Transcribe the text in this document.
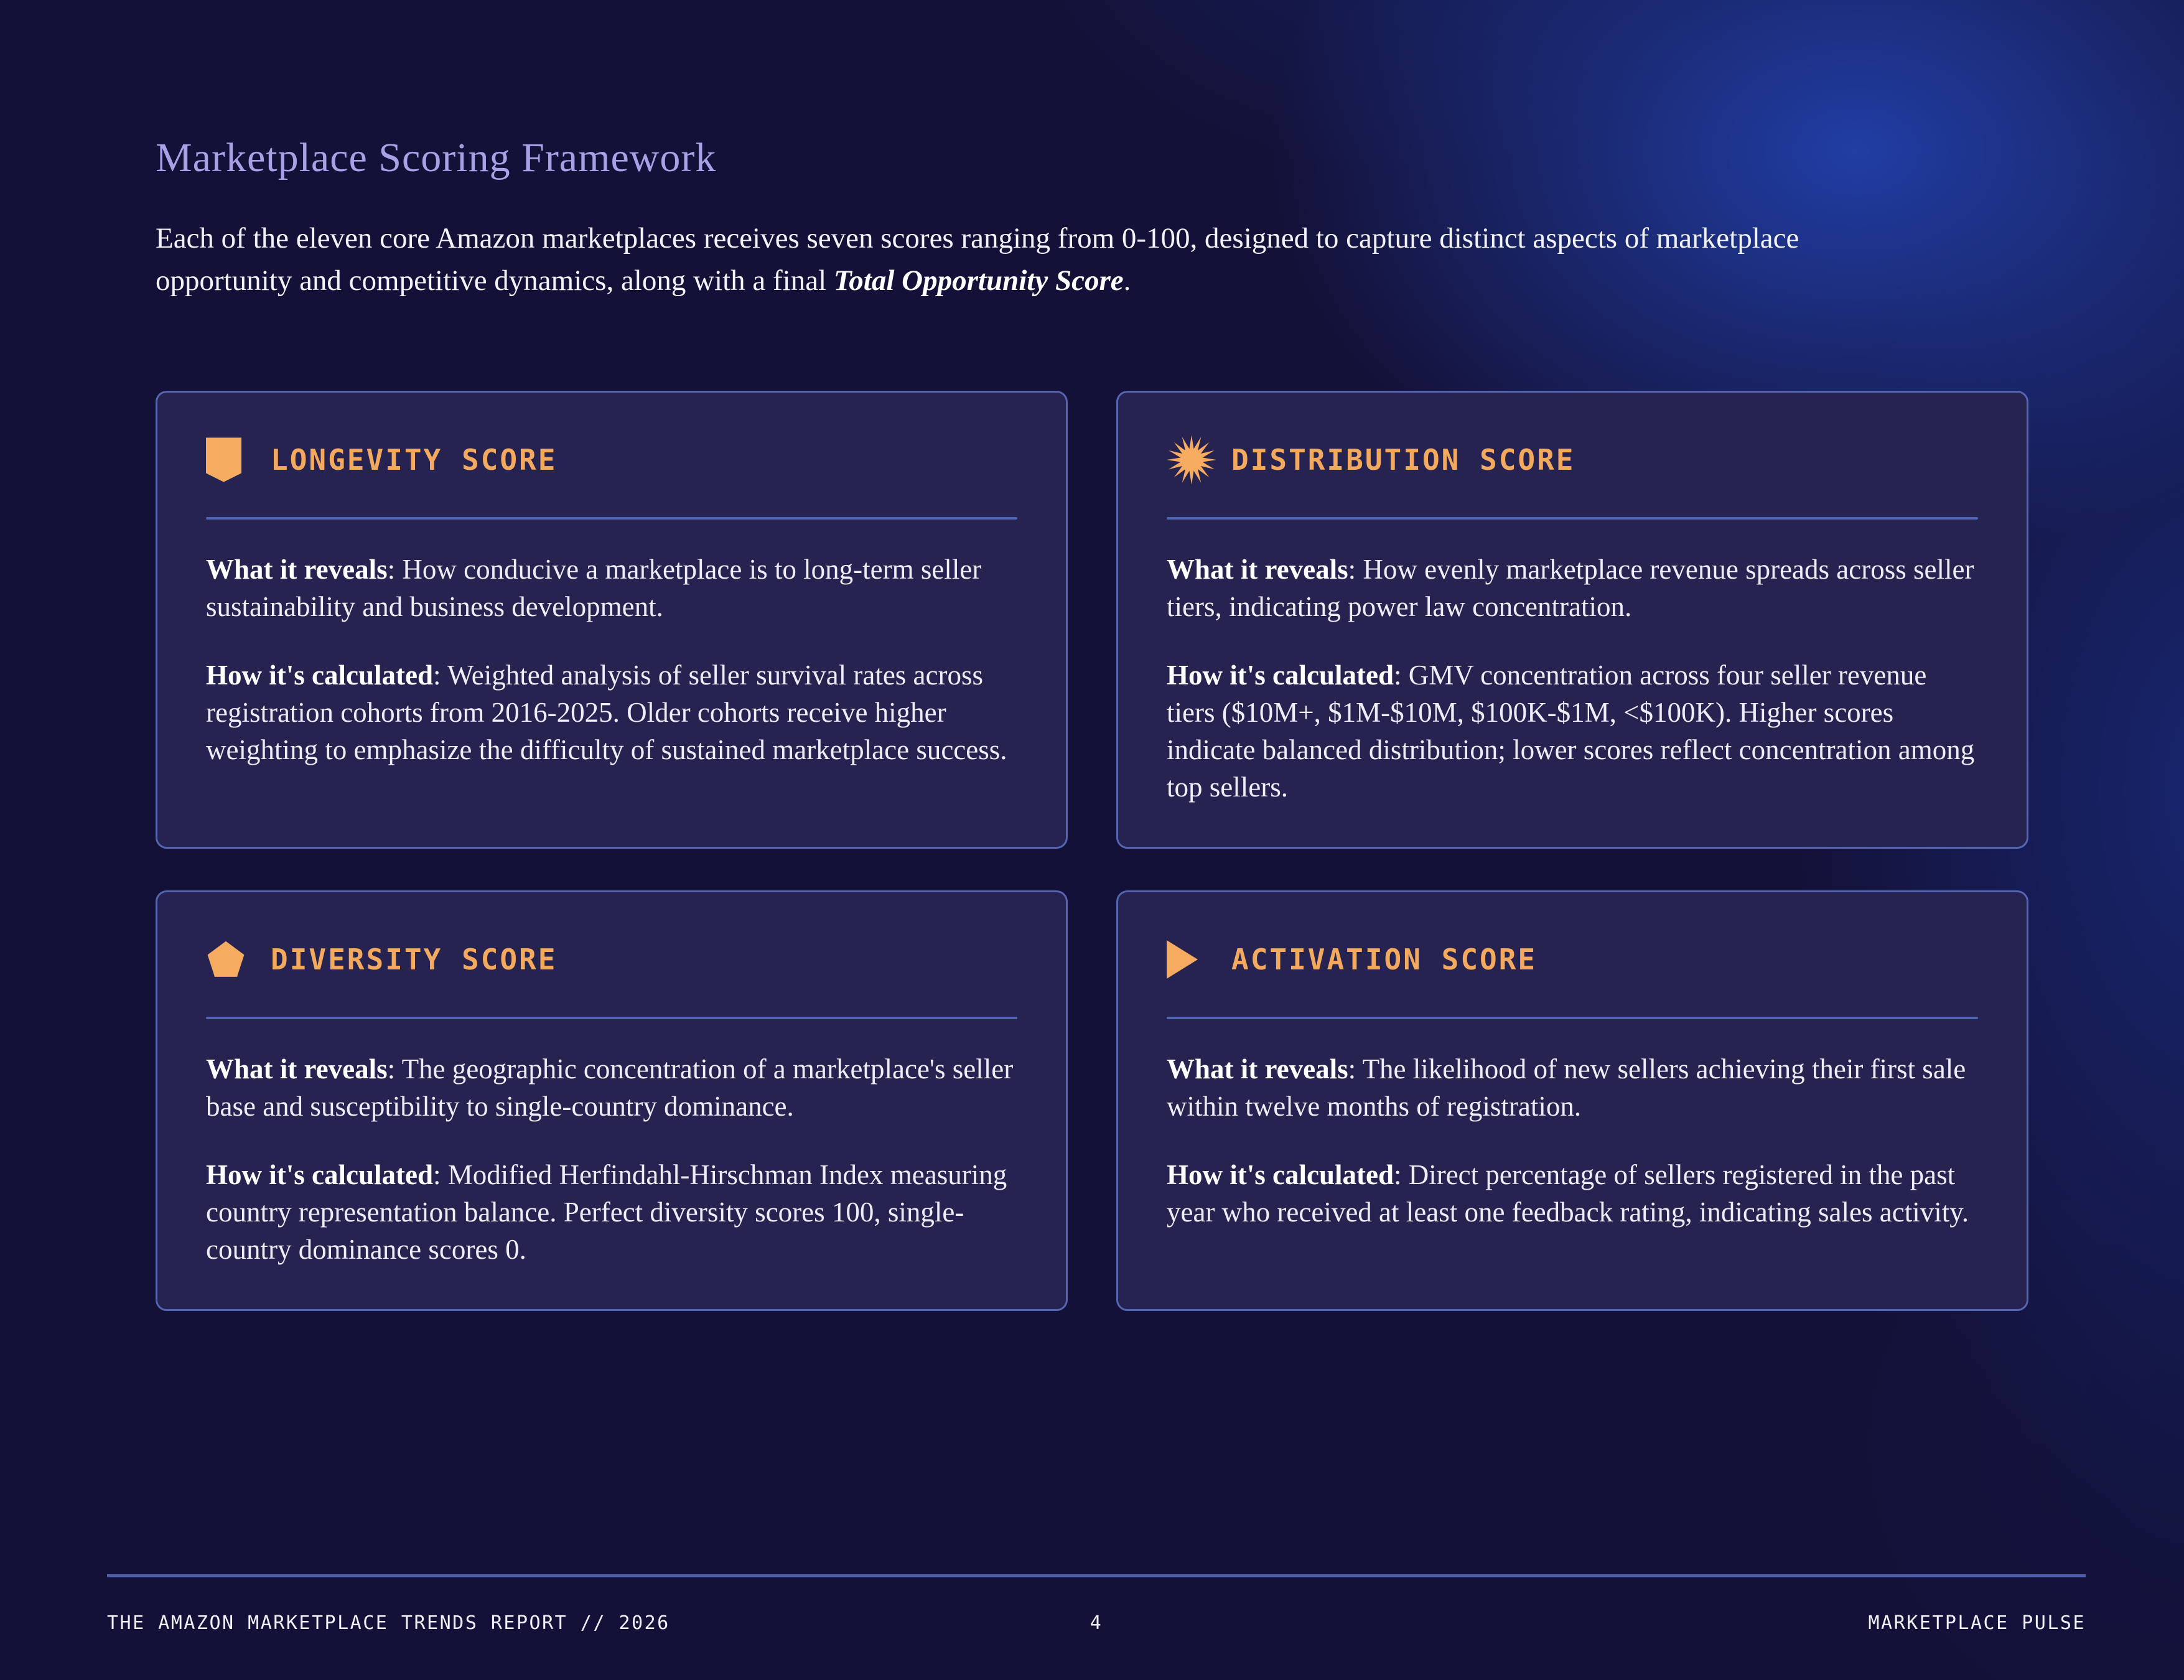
Marketplace Scoring Framework

Each of the eleven core Amazon marketplaces receives seven scores ranging from 0-100, designed to capture distinct aspects of marketplace opportunity and competitive dynamics, along with a final Total Opportunity Score.

LONGEVITY SCORE

What it reveals: How conducive a marketplace is to long-term seller sustainability and business development.

How it's calculated: Weighted analysis of seller survival rates across registration cohorts from 2016-2025. Older cohorts receive higher weighting to emphasize the difficulty of sustained marketplace success.

DISTRIBUTION SCORE

What it reveals: How evenly marketplace revenue spreads across seller tiers, indicating power law concentration.

How it's calculated: GMV concentration across four seller revenue tiers ($10M+, $1M-$10M, $100K-$1M, <$100K). Higher scores indicate balanced distribution; lower scores reflect concentration among top sellers.

DIVERSITY SCORE

What it reveals: The geographic concentration of a marketplace's seller base and susceptibility to single-country dominance.

How it's calculated: Modified Herfindahl-Hirschman Index measuring country representation balance. Perfect diversity scores 100, single-country dominance scores 0.

ACTIVATION SCORE

What it reveals: The likelihood of new sellers achieving their first sale within twelve months of registration.

How it's calculated: Direct percentage of sellers registered in the past year who received at least one feedback rating, indicating sales activity.

THE AMAZON MARKETPLACE TRENDS REPORT // 2026	4	MARKETPLACE PULSE
